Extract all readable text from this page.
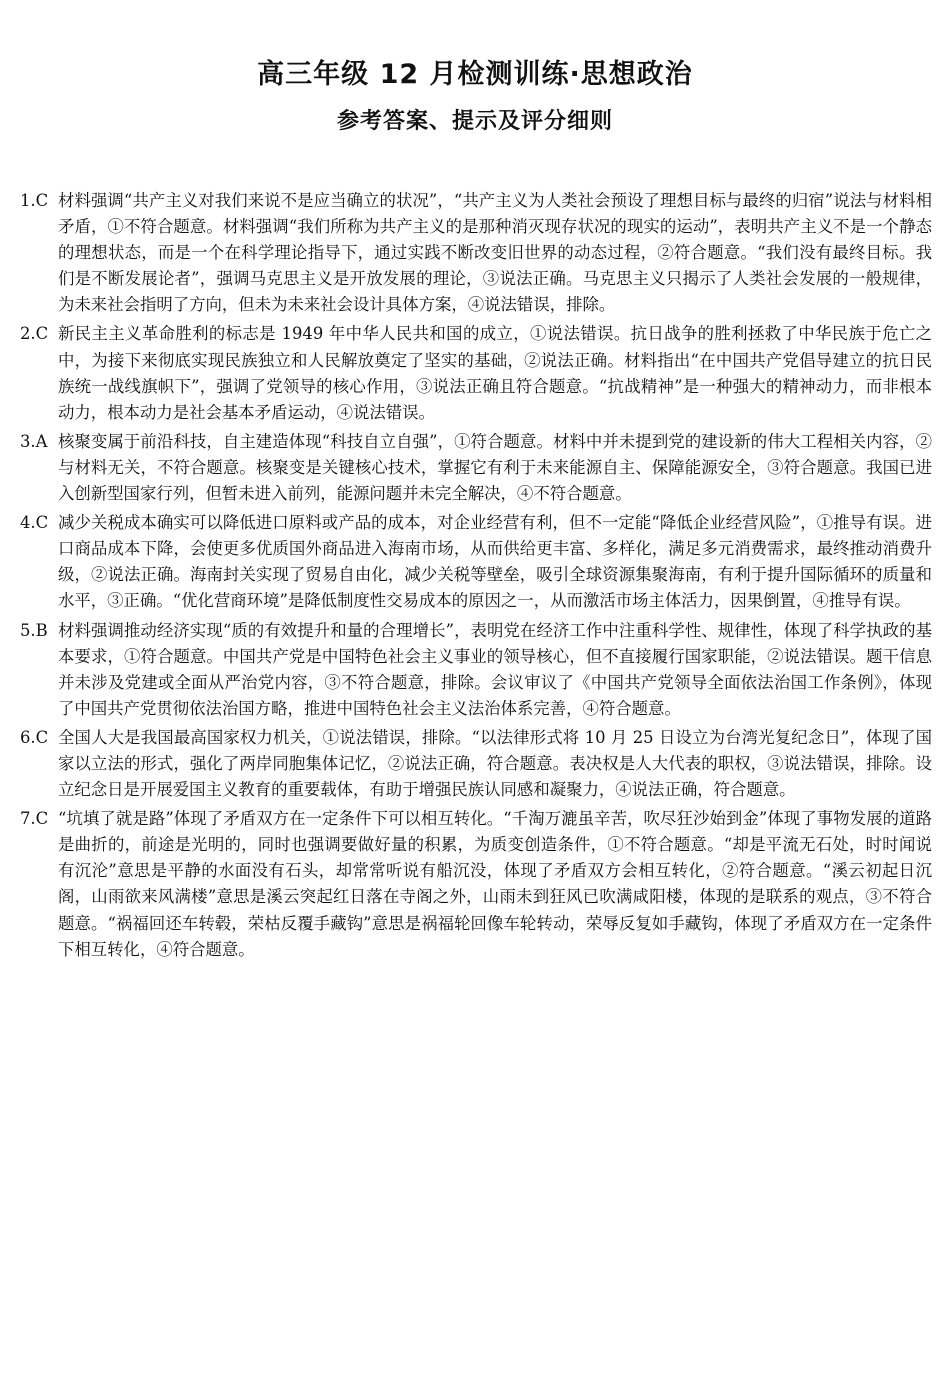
高三年级 12 月检测训练·思想政治
参考答案、提示及评分细则
1.C 材料强调“共产主义对我们来说不是应当确立的状况”，“共产主义为人类社会预设了理想目标与最终的归宿”说法与材料相矛盾，①不符合题意。材料强调“我们所称为共产主义的是那种消灭现存状况的现实的运动”，表明共产主义不是一个静态的理想状态，而是一个在科学理论指导下，通过实践不断改变旧世界的动态过程，②符合题意。“我们没有最终目标。我们是不断发展论者”，强调马克思主义是开放发展的理论，③说法正确。马克思主义只揭示了人类社会发展的一般规律，为未来社会指明了方向，但未为未来社会设计具体方案，④说法错误，排除。
2.C 新民主主义革命胜利的标志是 1949 年中华人民共和国的成立，①说法错误。抗日战争的胜利拯救了中华民族于危亡之中，为接下来彻底实现民族独立和人民解放奠定了坚实的基础，②说法正确。材料指出“在中国共产党倡导建立的抗日民族统一战线旗帜下”，强调了党领导的核心作用，③说法正确且符合题意。“抗战精神”是一种强大的精神动力，而非根本动力，根本动力是社会基本矛盾运动，④说法错误。
3.A 核聚变属于前沿科技，自主建造体现“科技自立自强”，①符合题意。材料中并未提到党的建设新的伟大工程相关内容，②与材料无关，不符合题意。核聚变是关键核心技术，掌握它有利于未来能源自主、保障能源安全，③符合题意。我国已进入创新型国家行列，但暂未进入前列，能源问题并未完全解决，④不符合题意。
4.C 减少关税成本确实可以降低进口原料或产品的成本，对企业经营有利，但不一定能“降低企业经营风险”，①推导有误。进口商品成本下降，会使更多优质国外商品进入海南市场，从而供给更丰富、多样化，满足多元消费需求，最终推动消费升级，②说法正确。海南封关实现了贸易自由化，减少关税等壁垒，吸引全球资源集聚海南，有利于提升国际循环的质量和水平，③正确。“优化营商环境”是降低制度性交易成本的原因之一，从而激活市场主体活力，因果倒置，④推导有误。
5.B 材料强调推动经济实现“质的有效提升和量的合理增长”，表明党在经济工作中注重科学性、规律性，体现了科学执政的基本要求，①符合题意。中国共产党是中国特色社会主义事业的领导核心，但不直接履行国家职能，②说法错误。题干信息并未涉及党建或全面从严治党内容，③不符合题意，排除。会议审议了《中国共产党领导全面依法治国工作条例》，体现了中国共产党贯彻依法治国方略，推进中国特色社会主义法治体系完善，④符合题意。
6.C 全国人大是我国最高国家权力机关，①说法错误，排除。“以法律形式将 10 月 25 日设立为台湾光复纪念日”，体现了国家以立法的形式，强化了两岸同胞集体记忆，②说法正确，符合题意。表决权是人大代表的职权，③说法错误，排除。设立纪念日是开展爱国主义教育的重要载体，有助于增强民族认同感和凝聚力，④说法正确，符合题意。
7.C “坑填了就是路”体现了矛盾双方在一定条件下可以相互转化。“千淘万漉虽辛苦，吹尽狂沙始到金”体现了事物发展的道路是曲折的，前途是光明的，同时也强调要做好量的积累，为质变创造条件，①不符合题意。“却是平流无石处，时时闻说有沉沦”意思是平静的水面没有石头，却常常听说有船沉没，体现了矛盾双方会相互转化，②符合题意。“溪云初起日沉阁，山雨欲来风满楼”意思是溪云突起红日落在寺阁之外，山雨未到狂风已吹满咸阳楼，体现的是联系的观点，③不符合题意。“祸福回还车转毂，荣枯反覆手藏钩”意思是祸福轮回像车轮转动，荣辱反复如手藏钩，体现了矛盾双方在一定条件下相互转化，④符合题意。
